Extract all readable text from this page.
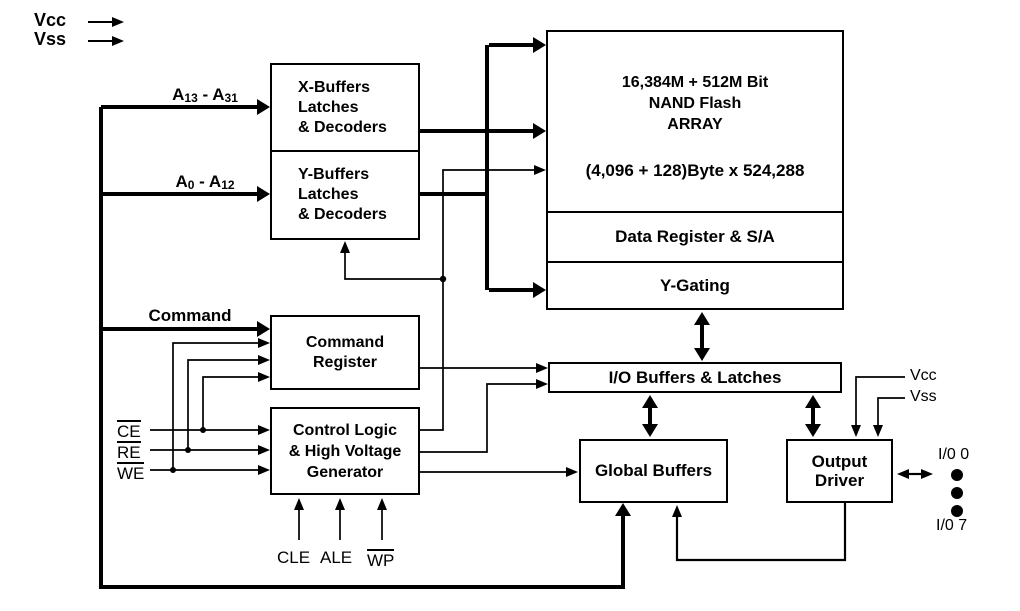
X-Buffers
Latches
& Decoders
Y-Buffers
Latches
& Decoders
Command
Register
Control Logic
& High Voltage
Generator
16,384M + 512M Bit
NAND Flash
ARRAY
(4,096 + 128)Byte x 524,288
Data Register & S/A
Y-Gating
I/O Buffers & Latches
Global Buffers	Output
Driver
Vcc
Vss
A13 - A31
A0 - A12
Command
CE
RE
WE
CLE ALE WP
Vcc
Vss
I/0 0
I/0 7
